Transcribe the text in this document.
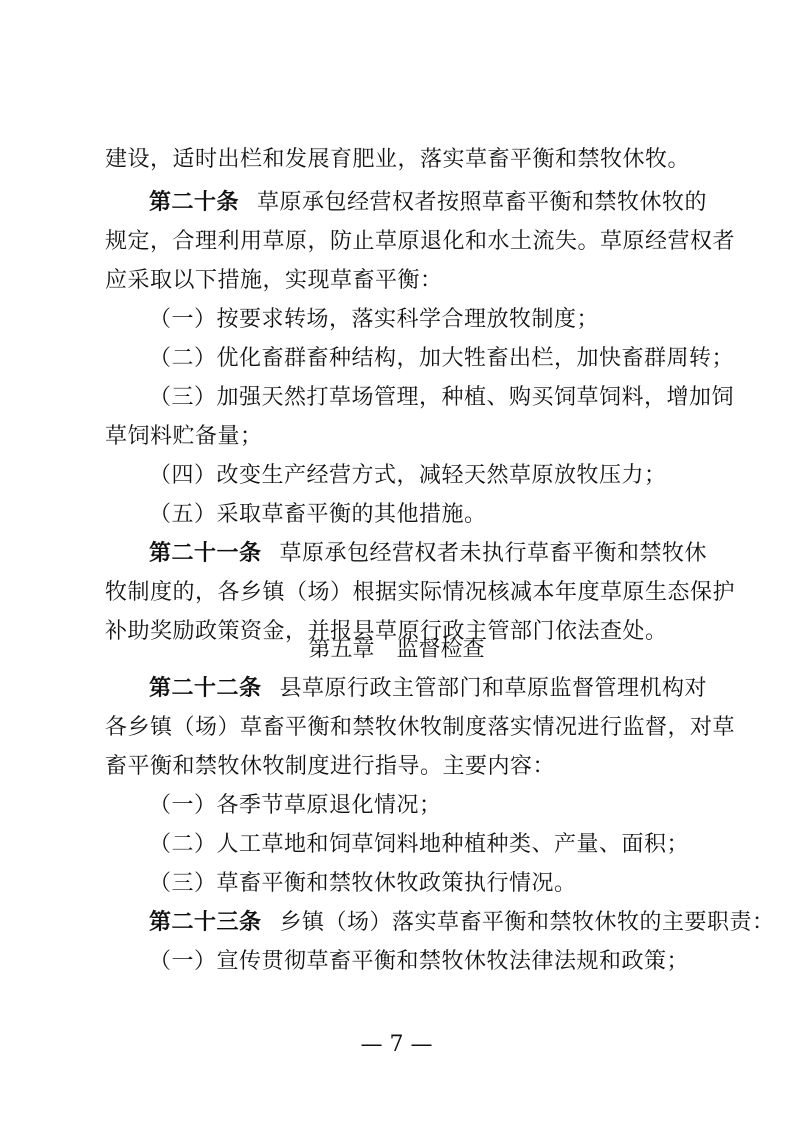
建设，适时出栏和发展育肥业，落实草畜平衡和禁牧休牧。
第二十条 草原承包经营权者按照草畜平衡和禁牧休牧的
规定，合理利用草原，防止草原退化和水土流失。草原经营权者
应采取以下措施，实现草畜平衡：
（一）按要求转场，落实科学合理放牧制度；
（二）优化畜群畜种结构，加大牲畜出栏，加快畜群周转；
（三）加强天然打草场管理，种植、购买饲草饲料，增加饲
草饲料贮备量；
（四）改变生产经营方式，减轻天然草原放牧压力；
（五）采取草畜平衡的其他措施。
第二十一条 草原承包经营权者未执行草畜平衡和禁牧休
牧制度的，各乡镇（场）根据实际情况核减本年度草原生态保护
补助奖励政策资金，并报县草原行政主管部门依法查处。
第五章　监督检查
第二十二条 县草原行政主管部门和草原监督管理机构对
各乡镇（场）草畜平衡和禁牧休牧制度落实情况进行监督，对草
畜平衡和禁牧休牧制度进行指导。主要内容：
（一）各季节草原退化情况；
（二）人工草地和饲草饲料地种植种类、产量、面积；
（三）草畜平衡和禁牧休牧政策执行情况。
第二十三条 乡镇（场）落实草畜平衡和禁牧休牧的主要职责：
（一）宣传贯彻草畜平衡和禁牧休牧法律法规和政策；
— 7 —
